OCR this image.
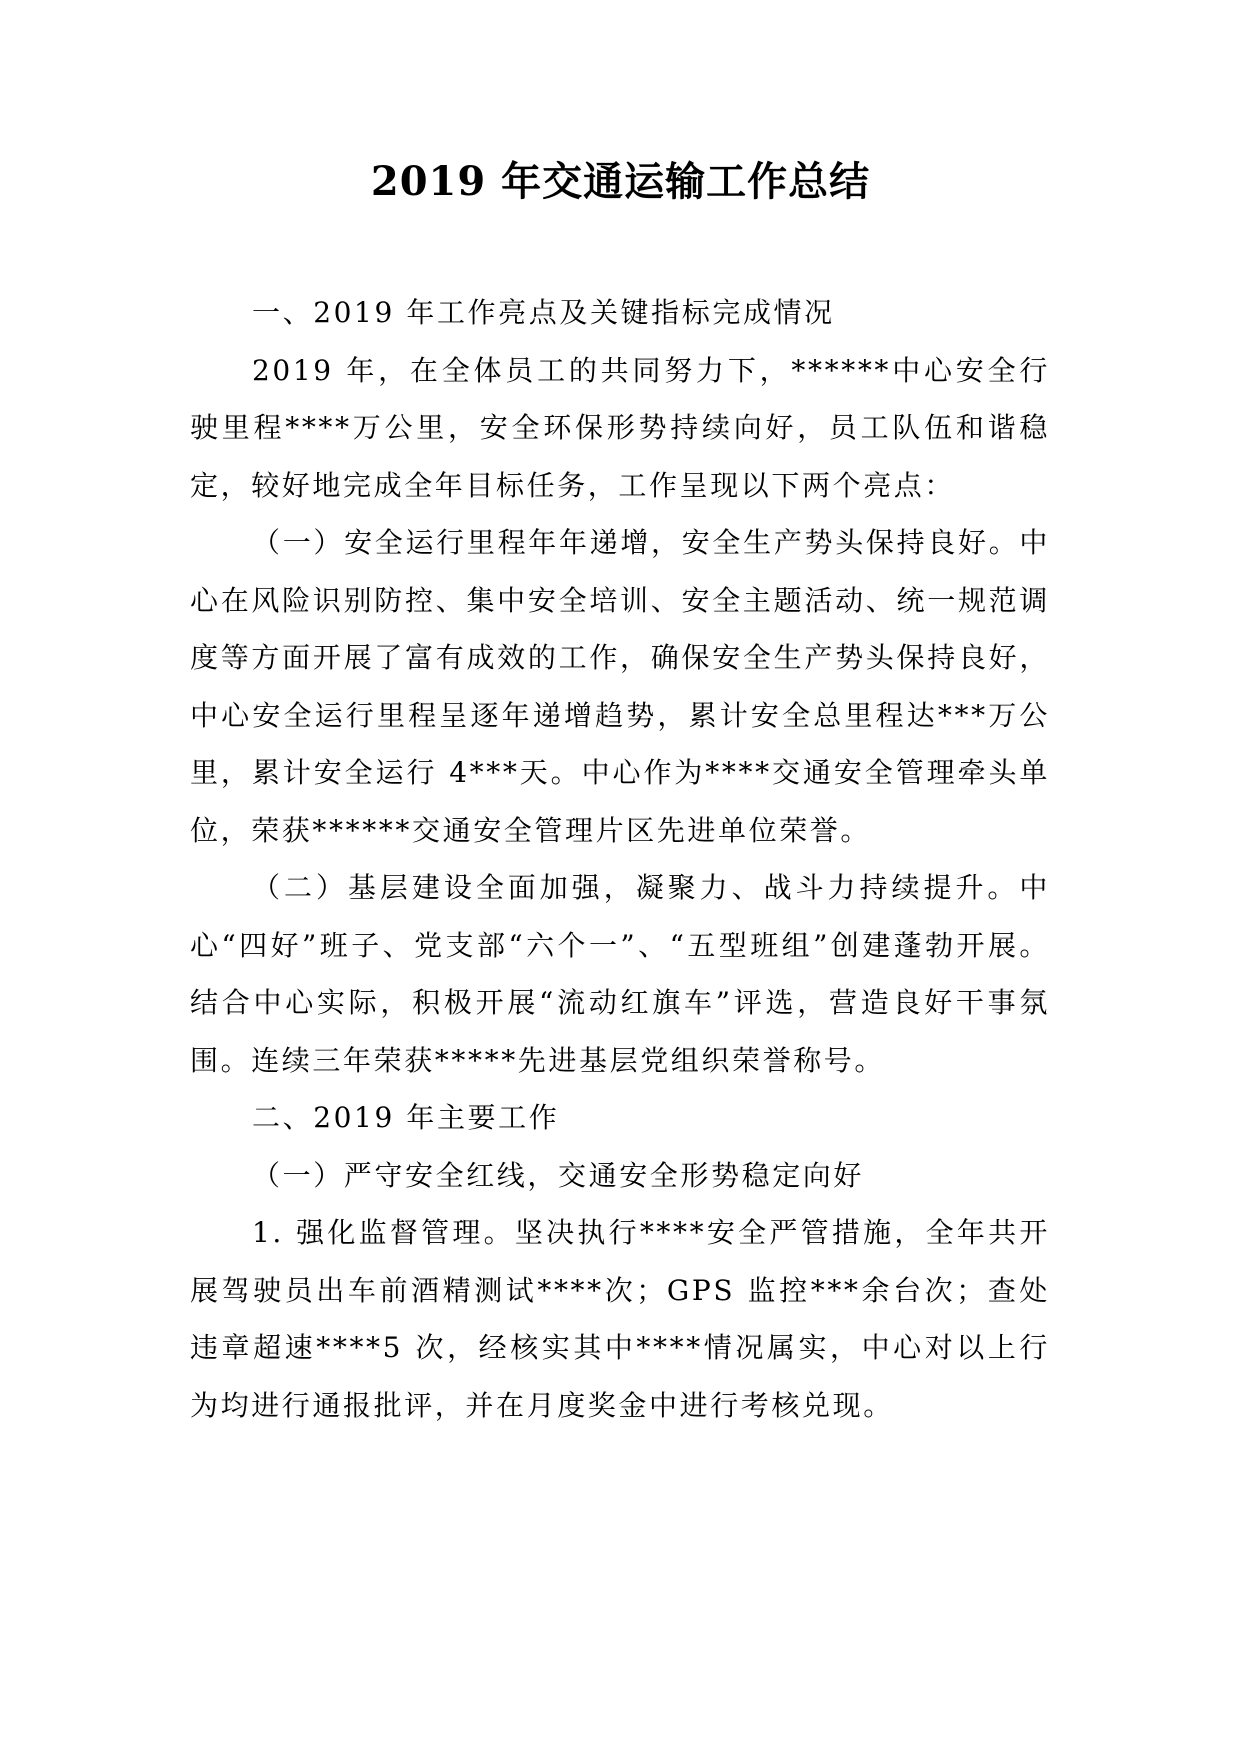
2019 年交通运输工作总结

一、2019 年工作亮点及关键指标完成情况

2019 年，在全体员工的共同努力下，******中心安全行驶里程****万公里，安全环保形势持续向好，员工队伍和谐稳定，较好地完成全年目标任务，工作呈现以下两个亮点：

（一）安全运行里程年年递增，安全生产势头保持良好。中心在风险识别防控、集中安全培训、安全主题活动、统一规范调度等方面开展了富有成效的工作，确保安全生产势头保持良好，中心安全运行里程呈逐年递增趋势，累计安全总里程达***万公里，累计安全运行 4***天。中心作为****交通安全管理牵头单位，荣获******交通安全管理片区先进单位荣誉。

（二）基层建设全面加强，凝聚力、战斗力持续提升。中心“四好”班子、党支部“六个一”、“五型班组”创建蓬勃开展。结合中心实际，积极开展“流动红旗车”评选，营造良好干事氛围。连续三年荣获*****先进基层党组织荣誉称号。

二、2019 年主要工作

（一）严守安全红线，交通安全形势稳定向好

1. 强化监督管理。坚决执行****安全严管措施，全年共开展驾驶员出车前酒精测试****次；GPS 监控***余台次；查处违章超速****5 次，经核实其中****情况属实，中心对以上行为均进行通报批评，并在月度奖金中进行考核兑现。
